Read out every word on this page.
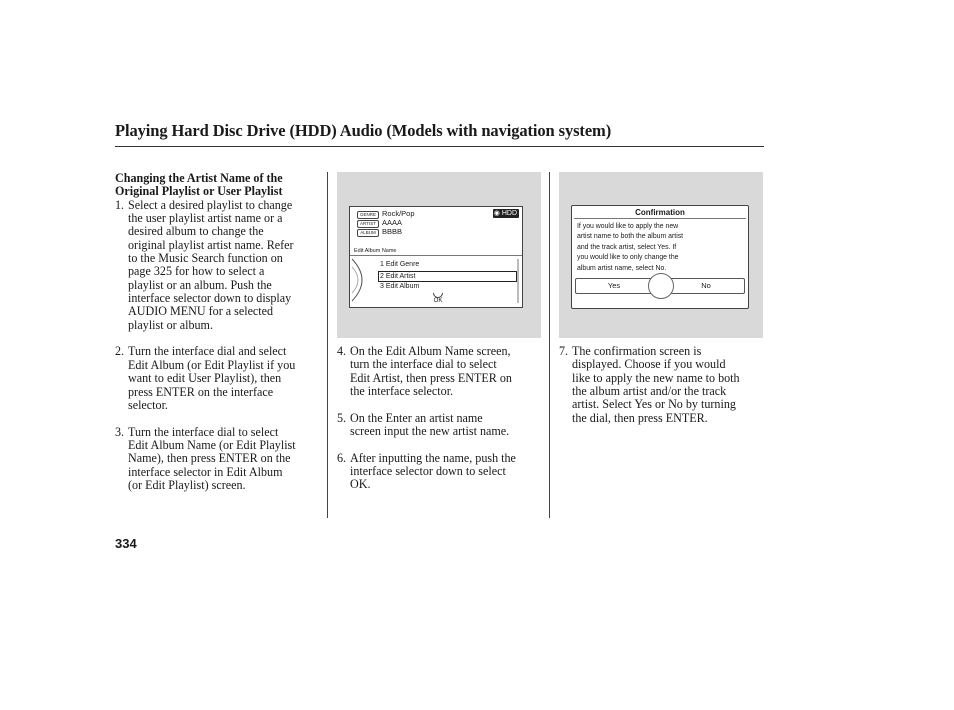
Playing Hard Disc Drive (HDD) Audio (Models with navigation system)
Changing the Artist Name of the
Original Playlist or User Playlist
1. Select a desired playlist to change
the user playlist artist name or a
desired album to change the
original playlist artist name. Refer
to the Music Search function on
page 325 for how to select a
playlist or an album. Push the
interface selector down to display
AUDIO MENU for a selected
playlist or album.
2. Turn the interface dial and select
Edit Album (or Edit Playlist if you
want to edit User Playlist), then
press ENTER on the interface
selector.
3. Turn the interface dial to select
Edit Album Name (or Edit Playlist
Name), then press ENTER on the
interface selector in Edit Album
(or Edit Playlist) screen.
GENRE Rock/Pop
ARTIST AAAA
ALBUM BBBB
◉ HDD
Edit Album Name
1 Edit Genre
2 Edit Artist
3 Edit Album
OK
4. On the Edit Album Name screen,
turn the interface dial to select
Edit Artist, then press ENTER on
the interface selector.
5. On the Enter an artist name
screen input the new artist name.
6. After inputting the name, push the
interface selector down to select
OK.
Confirmation
If you would like to apply the new
artist name to both the album artist
and the track artist, select Yes. If
you would like to only change the
album artist name, select No.
Yes	No
7. The confirmation screen is
displayed. Choose if you would
like to apply the new name to both
the album artist and/or the track
artist. Select Yes or No by turning
the dial, then press ENTER.
334
